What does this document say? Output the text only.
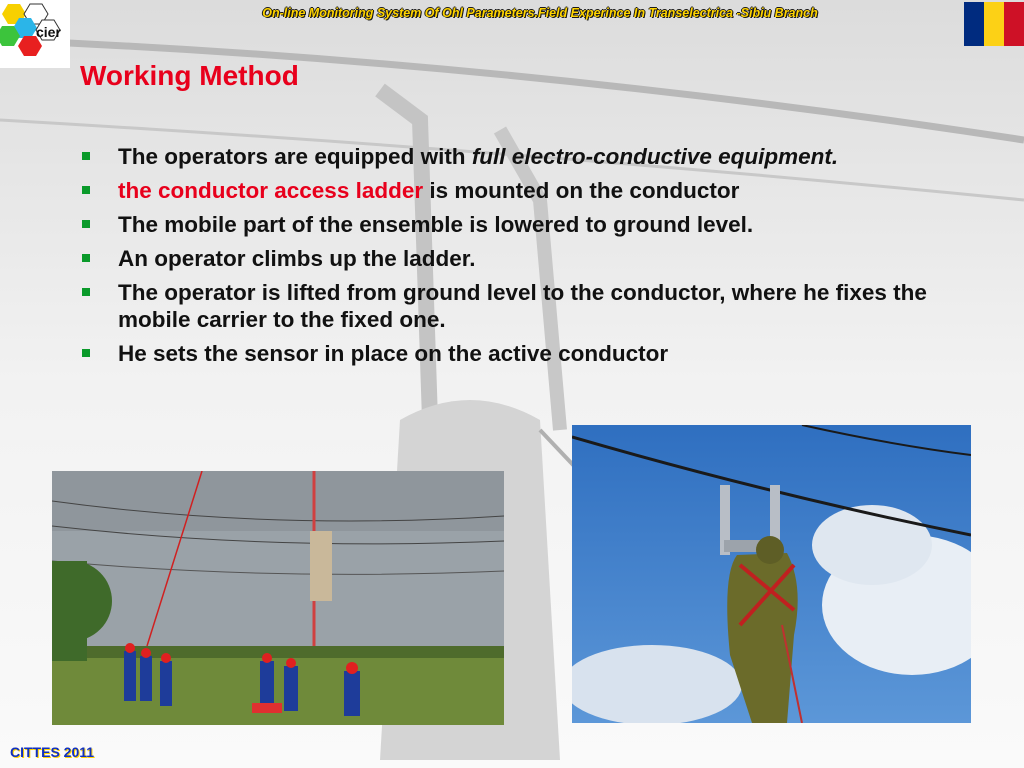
cier
On-line Monitoring System Of Ohl Parameters.Field Experince In Transelectrica -Sibiu Branch
Working Method
The operators are equipped with full electro-conductive equipment.
the conductor access ladder is mounted on the conductor
The mobile part of the ensemble is lowered to ground level.
An operator climbs up the ladder.
The operator is lifted from ground level to the conductor, where he fixes the mobile carrier to the fixed one.
He sets the sensor in place on the active conductor
CITTES 2011
